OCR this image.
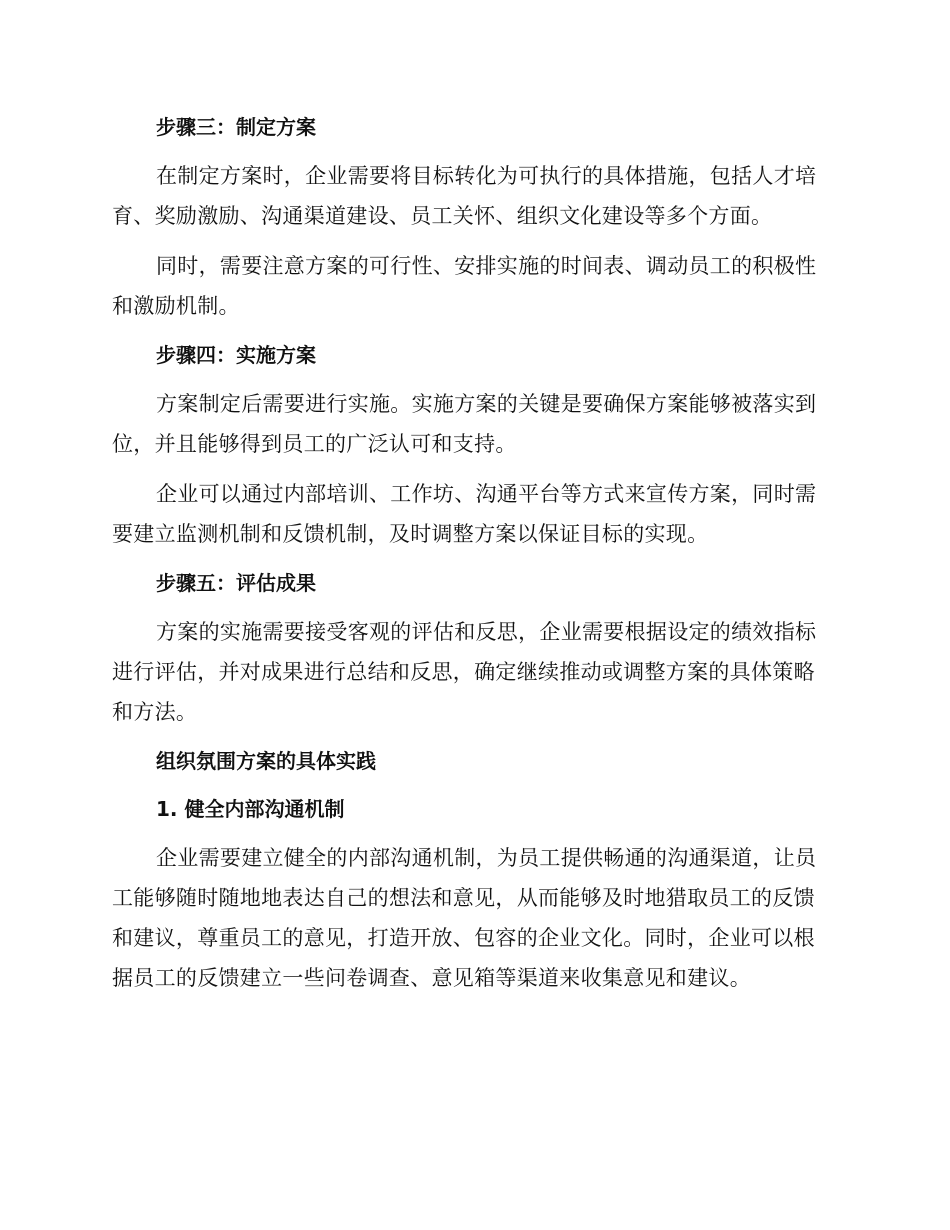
步骤三：制定方案

在制定方案时，企业需要将目标转化为可执行的具体措施，包括人才培育、奖励激励、沟通渠道建设、员工关怀、组织文化建设等多个方面。

同时，需要注意方案的可行性、安排实施的时间表、调动员工的积极性和激励机制。

步骤四：实施方案

方案制定后需要进行实施。实施方案的关键是要确保方案能够被落实到位，并且能够得到员工的广泛认可和支持。

企业可以通过内部培训、工作坊、沟通平台等方式来宣传方案，同时需要建立监测机制和反馈机制，及时调整方案以保证目标的实现。

步骤五：评估成果

方案的实施需要接受客观的评估和反思，企业需要根据设定的绩效指标进行评估，并对成果进行总结和反思，确定继续推动或调整方案的具体策略和方法。

组织氛围方案的具体实践
1. 健全内部沟通机制

企业需要建立健全的内部沟通机制，为员工提供畅通的沟通渠道，让员工能够随时随地地表达自己的想法和意见，从而能够及时地猎取员工的反馈和建议，尊重员工的意见，打造开放、包容的企业文化。同时，企业可以根据员工的反馈建立一些问卷调查、意见箱等渠道来收集意见和建议。
